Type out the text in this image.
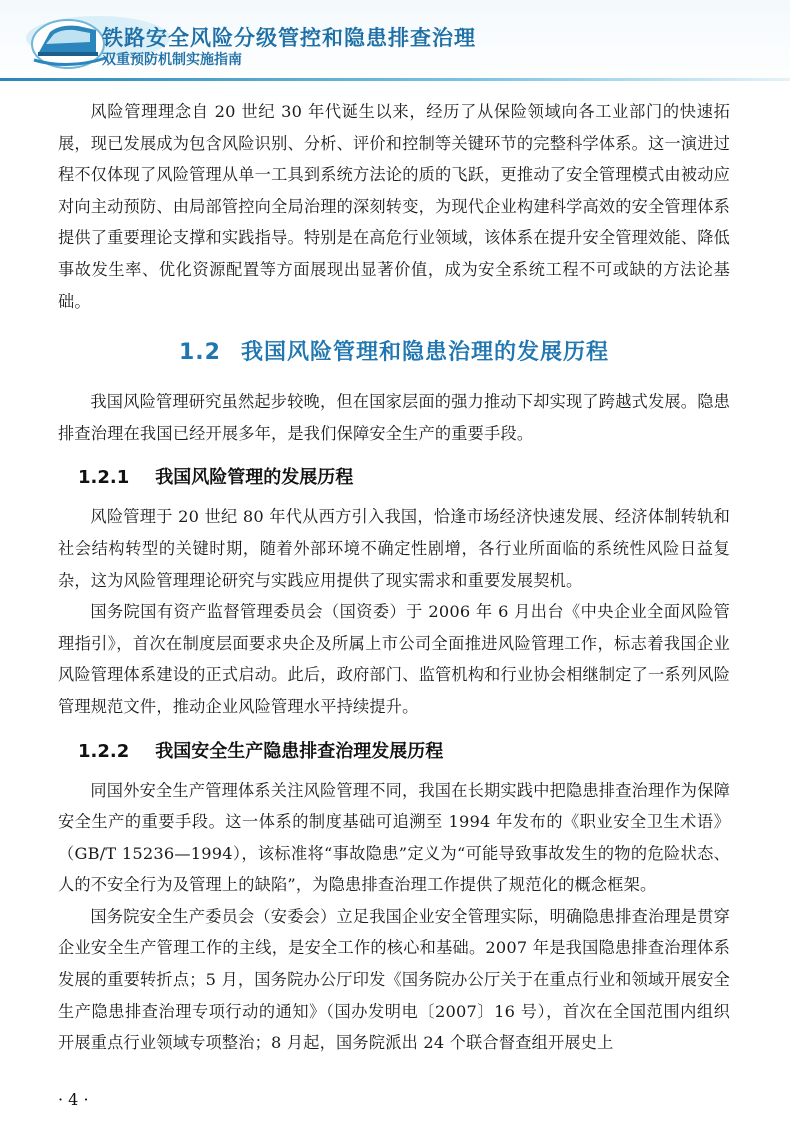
铁路安全风险分级管控和隐患排查治理
双重预防机制实施指南

风险管理理念自 20 世纪 30 年代诞生以来，经历了从保险领域向各工业部门的快速拓展，现已发展成为包含风险识别、分析、评价和控制等关键环节的完整科学体系。这一演进过程不仅体现了风险管理从单一工具到系统方法论的质的飞跃，更推动了安全管理模式由被动应对向主动预防、由局部管控向全局治理的深刻转变，为现代企业构建科学高效的安全管理体系提供了重要理论支撑和实践指导。特别是在高危行业领域，该体系在提升安全管理效能、降低事故发生率、优化资源配置等方面展现出显著价值，成为安全系统工程不可或缺的方法论基础。

1.2 我国风险管理和隐患治理的发展历程

我国风险管理研究虽然起步较晚，但在国家层面的强力推动下却实现了跨越式发展。隐患排查治理在我国已经开展多年，是我们保障安全生产的重要手段。

1.2.1 我国风险管理的发展历程

风险管理于 20 世纪 80 年代从西方引入我国，恰逢市场经济快速发展、经济体制转轨和社会结构转型的关键时期，随着外部环境不确定性剧增，各行业所面临的系统性风险日益复杂，这为风险管理理论研究与实践应用提供了现实需求和重要发展契机。

国务院国有资产监督管理委员会（国资委）于 2006 年 6 月出台《中央企业全面风险管理指引》，首次在制度层面要求央企及所属上市公司全面推进风险管理工作，标志着我国企业风险管理体系建设的正式启动。此后，政府部门、监管机构和行业协会相继制定了一系列风险管理规范文件，推动企业风险管理水平持续提升。

1.2.2 我国安全生产隐患排查治理发展历程

同国外安全生产管理体系关注风险管理不同，我国在长期实践中把隐患排查治理作为保障安全生产的重要手段。这一体系的制度基础可追溯至 1994 年发布的《职业安全卫生术语》（GB/T 15236—1994），该标准将“事故隐患”定义为“可能导致事故发生的物的危险状态、人的不安全行为及管理上的缺陷”，为隐患排查治理工作提供了规范化的概念框架。

国务院安全生产委员会（安委会）立足我国企业安全管理实际，明确隐患排查治理是贯穿企业安全生产管理工作的主线，是安全工作的核心和基础。2007 年是我国隐患排查治理体系发展的重要转折点；5 月，国务院办公厅印发《国务院办公厅关于在重点行业和领域开展安全生产隐患排查治理专项行动的通知》（国办发明电〔2007〕16 号），首次在全国范围内组织开展重点行业领域专项整治；8 月起，国务院派出 24 个联合督查组开展史上

· 4 ·
